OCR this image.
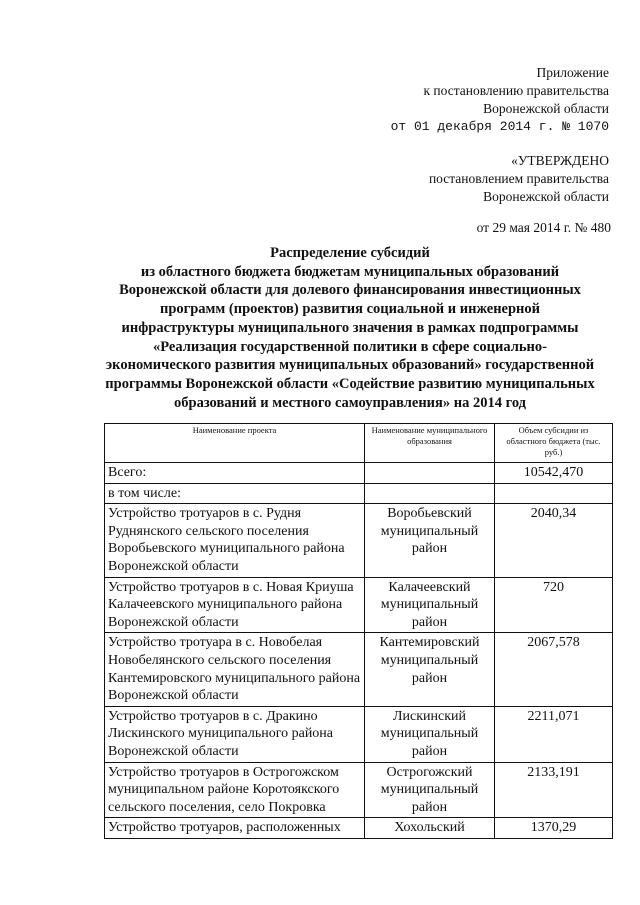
Приложение
к постановлению правительства
Воронежской области
от 01 декабря 2014 г. № 1070
«УТВЕРЖДЕНО
постановлением правительства
Воронежской области
от 29 мая 2014 г. № 480
Распределение субсидий
из областного бюджета бюджетам муниципальных образований
Воронежской области для долевого финансирования инвестиционных
программ (проектов) развития социальной и инженерной
инфраструктуры муниципального значения в рамках подпрограммы
«Реализация государственной политики в сфере социально-
экономического развития муниципальных образований» государственной
программы Воронежской области «Содействие развитию муниципальных
образований и местного самоуправления» на 2014 год
Наименование проекта	Наименование муниципального образования	Объем субсидии из областного бюджета (тыс. руб.)
Всего:		10542,470
в том числе:		
Устройство тротуаров в с. Рудня Руднянского сельского поселения Воробьевского муниципального района Воронежской области	Воробьевский муниципальный район	2040,34
Устройство тротуаров в с. Новая Криуша Калачеевского муниципального района Воронежской области	Калачеевский муниципальный район	720
Устройство тротуара в с. Новобелая Новобелянского сельского поселения Кантемировского муниципального района Воронежской области	Кантемировский муниципальный район	2067,578
Устройство тротуаров в с. Дракино Лискинского муниципального района Воронежской области	Лискинский муниципальный район	2211,071
Устройство тротуаров в Острогожском муниципальном районе Коротоякского сельского поселения, село Покровка	Острогожский муниципальный район	2133,191
Устройство тротуаров, расположенных	Хохольский	1370,29
